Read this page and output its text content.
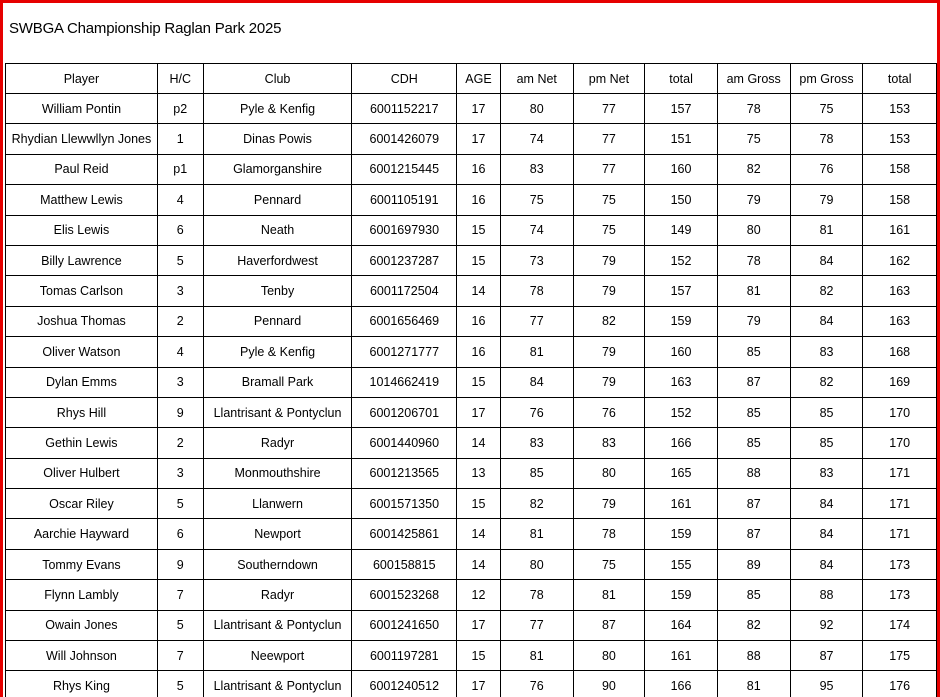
SWBGA Championship Raglan Park 2025
Player	H/C	Club	CDH	AGE	am Net	pm Net	total	am Gross	pm Gross	total
William Pontin	p2	Pyle & Kenfig	6001152217	17	80	77	157	78	75	153
Rhydian Llewwllyn Jones	1	Dinas Powis	6001426079	17	74	77	151	75	78	153
Paul Reid	p1	Glamorganshire	6001215445	16	83	77	160	82	76	158
Matthew Lewis	4	Pennard	6001105191	16	75	75	150	79	79	158
Elis Lewis	6	Neath	6001697930	15	74	75	149	80	81	161
Billy Lawrence	5	Haverfordwest	6001237287	15	73	79	152	78	84	162
Tomas Carlson	3	Tenby	6001172504	14	78	79	157	81	82	163
Joshua Thomas	2	Pennard	6001656469	16	77	82	159	79	84	163
Oliver Watson	4	Pyle & Kenfig	6001271777	16	81	79	160	85	83	168
Dylan Emms	3	Bramall Park	1014662419	15	84	79	163	87	82	169
Rhys Hill	9	Llantrisant & Pontyclun	6001206701	17	76	76	152	85	85	170
Gethin Lewis	2	Radyr	6001440960	14	83	83	166	85	85	170
Oliver Hulbert	3	Monmouthshire	6001213565	13	85	80	165	88	83	171
Oscar Riley	5	Llanwern	6001571350	15	82	79	161	87	84	171
Aarchie Hayward	6	Newport	6001425861	14	81	78	159	87	84	171
Tommy Evans	9	Southerndown	600158815	14	80	75	155	89	84	173
Flynn Lambly	7	Radyr	6001523268	12	78	81	159	85	88	173
Owain Jones	5	Llantrisant & Pontyclun	6001241650	17	77	87	164	82	92	174
Will Johnson	7	Neewport	6001197281	15	81	80	161	88	87	175
Rhys King	5	Llantrisant & Pontyclun	6001240512	17	76	90	166	81	95	176
